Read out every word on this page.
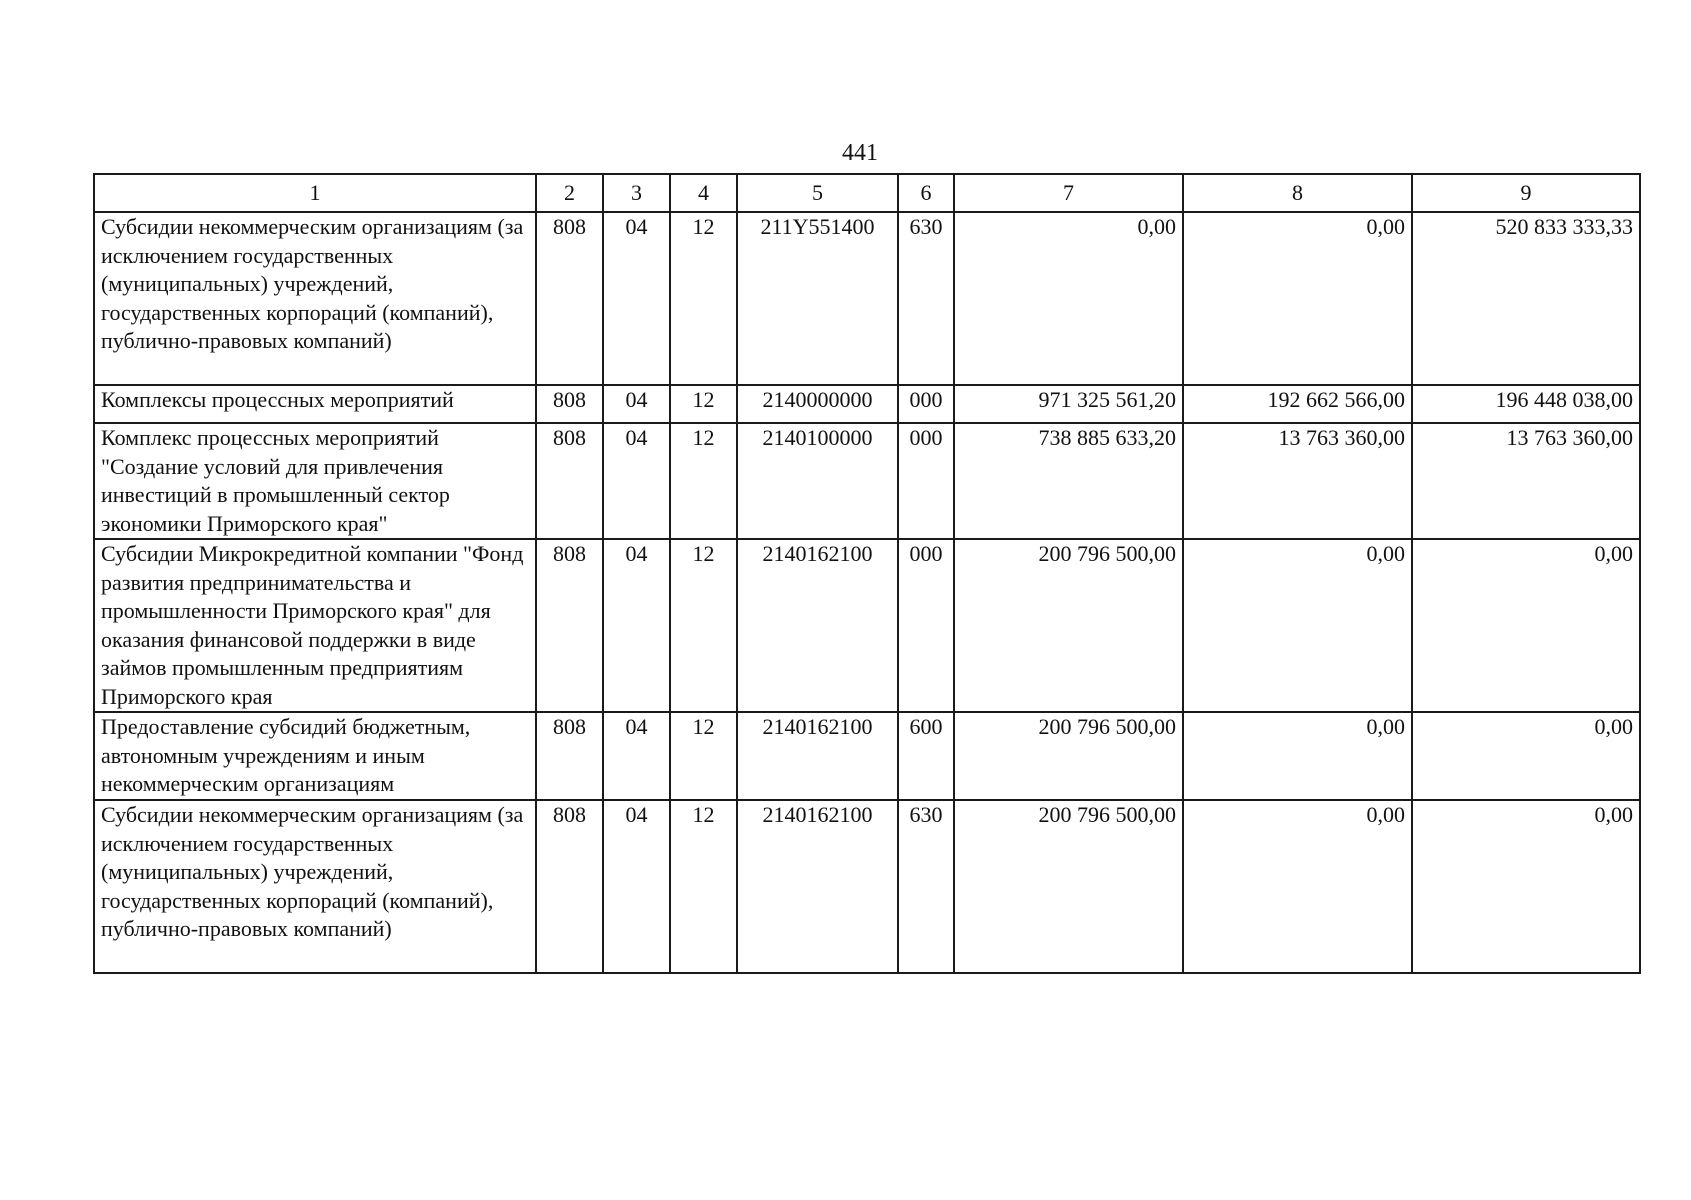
441
1	2	3	4	5	6	7	8	9
Субсидии некоммерческим организациям (за исключением государственных (муниципальных) учреждений, государственных корпораций (компаний), публично-правовых компаний)	808	04	12	211Y551400	630	0,00	0,00	520 833 333,33
Комплексы процессных мероприятий	808	04	12	2140000000	000	971 325 561,20	192 662 566,00	196 448 038,00
Комплекс процессных мероприятий "Создание условий для привлечения инвестиций в промышленный сектор экономики Приморского края"	808	04	12	2140100000	000	738 885 633,20	13 763 360,00	13 763 360,00
Субсидии Микрокредитной компании "Фонд развития предпринимательства и промышленности Приморского края" для оказания финансовой поддержки в виде займов промышленным предприятиям Приморского края	808	04	12	2140162100	000	200 796 500,00	0,00	0,00
Предоставление субсидий бюджетным, автономным учреждениям и иным некоммерческим организациям	808	04	12	2140162100	600	200 796 500,00	0,00	0,00
Субсидии некоммерческим организациям (за исключением государственных (муниципальных) учреждений, государственных корпораций (компаний), публично-правовых компаний)	808	04	12	2140162100	630	200 796 500,00	0,00	0,00
